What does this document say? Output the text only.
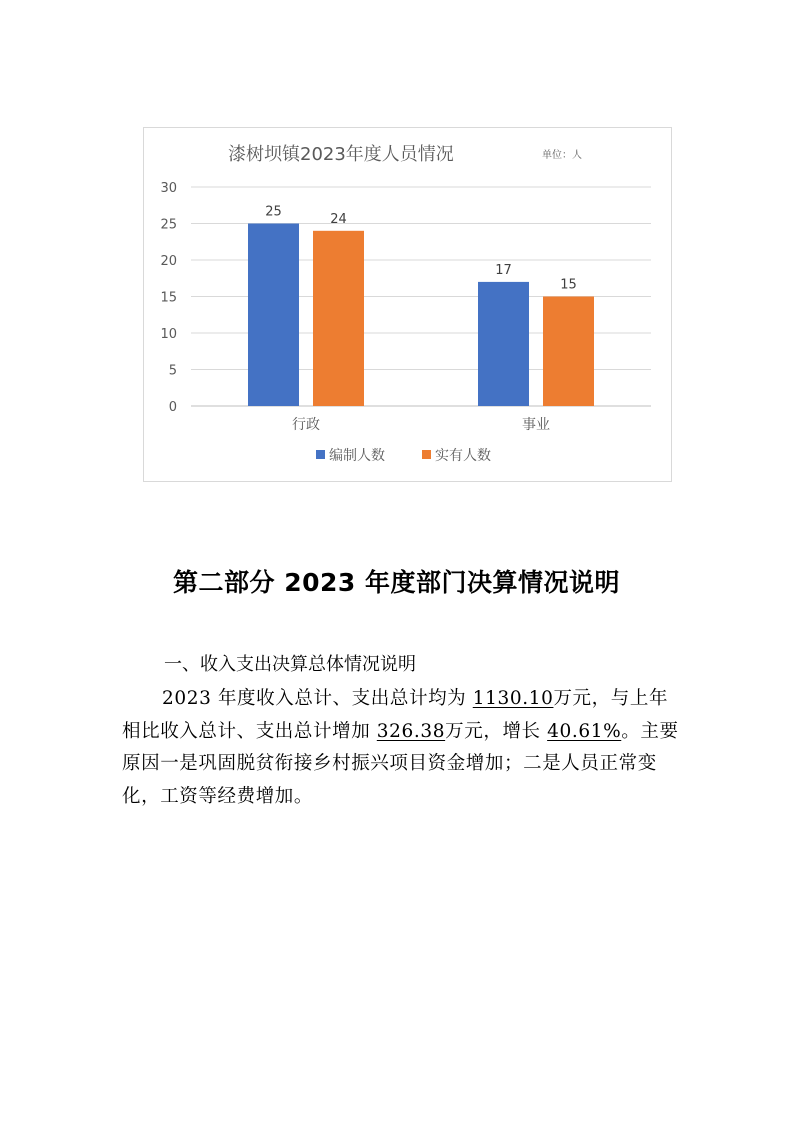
漆树坝镇2023年度人员情况	单位：人
0
5
10
15
20
25
30
25	24
行政
17
15
事业
编制人数	实有人数
第二部分 2023 年度部门决算情况说明
一、收入支出决算总体情况说明
2023 年度收入总计、支出总计均为 1130.10万元，与上年相比收入总计、支出总计增加 326.38万元，增长 40.61%。主要原因一是巩固脱贫衔接乡村振兴项目资金增加；二是人员正常变化，工资等经费增加。
